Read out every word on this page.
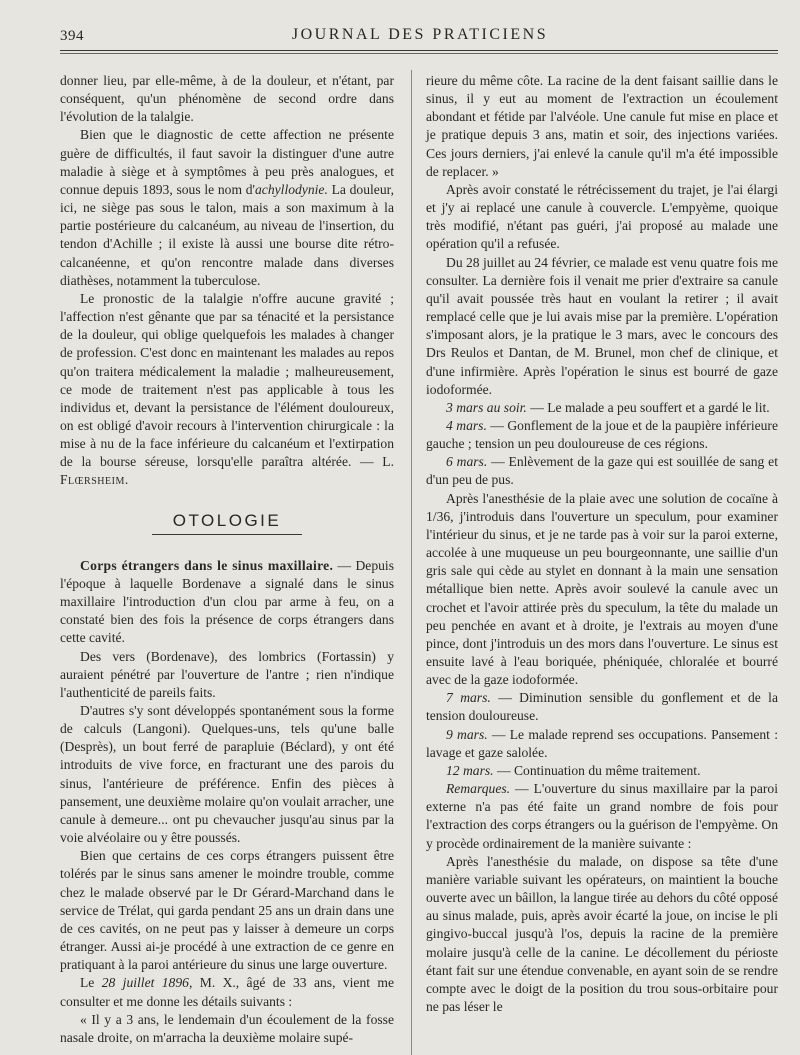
394	JOURNAL DES PRATICIENS

donner lieu, par elle-même, à de la douleur, et n'étant, par conséquent, qu'un phénomène de second ordre dans l'évolution de la talalgie.

Bien que le diagnostic de cette affection ne présente guère de difficultés, il faut savoir la distinguer d'une autre maladie à siège et à symptômes à peu près analogues, et connue depuis 1893, sous le nom d'achyllodynie. La douleur, ici, ne siège pas sous le talon, mais a son maximum à la partie postérieure du calcanéum, au niveau de l'insertion, du tendon d'Achille ; il existe là aussi une bourse dite rétro-calcanéenne, et qu'on rencontre malade dans diverses diathèses, notamment la tuberculose.

Le pronostic de la talalgie n'offre aucune gravité ; l'affection n'est gênante que par sa ténacité et la persistance de la douleur, qui oblige quelquefois les malades à changer de profession. C'est donc en maintenant les malades au repos qu'on traitera médicalement la maladie ; malheureusement, ce mode de traitement n'est pas applicable à tous les individus et, devant la persistance de l'élément douloureux, on est obligé d'avoir recours à l'intervention chirurgicale : la mise à nu de la face inférieure du calcanéum et l'extirpation de la bourse séreuse, lorsqu'elle paraîtra altérée. — L. Flœrsheim.

OTOLOGIE

Corps étrangers dans le sinus maxillaire. — Depuis l'époque à laquelle Bordenave a signalé dans le sinus maxillaire l'introduction d'un clou par arme à feu, on a constaté bien des fois la présence de corps étrangers dans cette cavité.

Des vers (Bordenave), des lombrics (Fortassin) y auraient pénétré par l'ouverture de l'antre ; rien n'indique l'authenticité de pareils faits.

D'autres s'y sont développés spontanément sous la forme de calculs (Langoni). Quelques-uns, tels qu'une balle (Desprès), un bout ferré de parapluie (Béclard), y ont été introduits de vive force, en fracturant une des parois du sinus, l'antérieure de préférence. Enfin des pièces à pansement, une deuxième molaire qu'on voulait arracher, une canule à demeure... ont pu chevaucher jusqu'au sinus par la voie alvéolaire ou y être poussés.

Bien que certains de ces corps étrangers puissent être tolérés par le sinus sans amener le moindre trouble, comme chez le malade observé par le Dr Gérard-Marchand dans le service de Trélat, qui garda pendant 25 ans un drain dans une de ces cavités, on ne peut pas y laisser à demeure un corps étranger. Aussi ai-je procédé à une extraction de ce genre en pratiquant à la paroi antérieure du sinus une large ouverture.

Le 28 juillet 1896, M. X., âgé de 33 ans, vient me consulter et me donne les détails suivants :

« Il y a 3 ans, le lendemain d'un écoulement de la fosse nasale droite, on m'arracha la deuxième molaire supé-

rieure du même côte. La racine de la dent faisant saillie dans le sinus, il y eut au moment de l'extraction un écoulement abondant et fétide par l'alvéole. Une canule fut mise en place et je pratique depuis 3 ans, matin et soir, des injections variées. Ces jours derniers, j'ai enlevé la canule qu'il m'a été impossible de replacer. »

Après avoir constaté le rétrécissement du trajet, je l'ai élargi et j'y ai replacé une canule à couvercle. L'empyème, quoique très modifié, n'étant pas guéri, j'ai proposé au malade une opération qu'il a refusée.

Du 28 juillet au 24 février, ce malade est venu quatre fois me consulter. La dernière fois il venait me prier d'extraire sa canule qu'il avait poussée très haut en voulant la retirer ; il avait remplacé celle que je lui avais mise par la première. L'opération s'imposant alors, je la pratique le 3 mars, avec le concours des Drs Reulos et Dantan, de M. Brunel, mon chef de clinique, et d'une infirmière. Après l'opération le sinus est bourré de gaze iodoformée.

3 mars au soir. — Le malade a peu souffert et a gardé le lit.

4 mars. — Gonflement de la joue et de la paupière inférieure gauche ; tension un peu douloureuse de ces régions.

6 mars. — Enlèvement de la gaze qui est souillée de sang et d'un peu de pus.

Après l'anesthésie de la plaie avec une solution de cocaïne à 1/36, j'introduis dans l'ouverture un speculum, pour examiner l'intérieur du sinus, et je ne tarde pas à voir sur la paroi externe, accolée à une muqueuse un peu bourgeonnante, une saillie d'un gris sale qui cède au stylet en donnant à la main une sensation métallique bien nette. Après avoir soulevé la canule avec un crochet et l'avoir attirée près du speculum, la tête du malade un peu penchée en avant et à droite, je l'extrais au moyen d'une pince, dont j'introduis un des mors dans l'ouverture. Le sinus est ensuite lavé à l'eau boriquée, phéniquée, chloralée et bourré avec de la gaze iodoformée.

7 mars. — Diminution sensible du gonflement et de la tension douloureuse.

9 mars. — Le malade reprend ses occupations. Pansement : lavage et gaze salolée.

12 mars. — Continuation du même traitement.

Remarques. — L'ouverture du sinus maxillaire par la paroi externe n'a pas été faite un grand nombre de fois pour l'extraction des corps étrangers ou la guérison de l'empyème. On y procède ordinairement de la manière suivante :

Après l'anesthésie du malade, on dispose sa tête d'une manière variable suivant les opérateurs, on maintient la bouche ouverte avec un bâillon, la langue tirée au dehors du côté opposé au sinus malade, puis, après avoir écarté la joue, on incise le pli gingivo-buccal jusqu'à l'os, depuis la racine de la première molaire jusqu'à celle de la canine. Le décollement du périoste étant fait sur une étendue convenable, en ayant soin de se rendre compte avec le doigt de la position du trou sous-orbitaire pour ne pas léser le
